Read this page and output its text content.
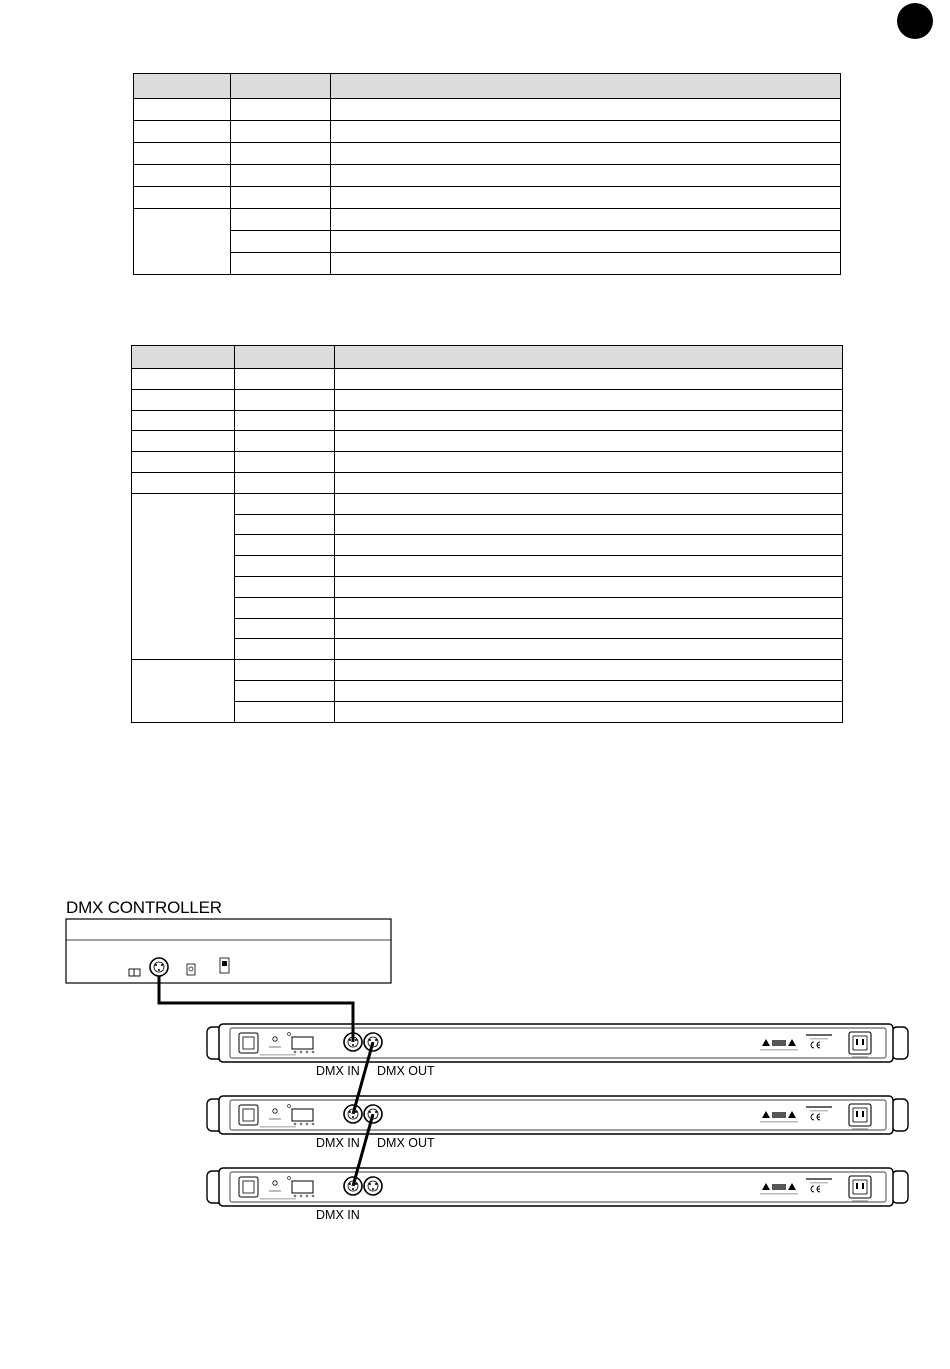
DMX CONTROLLER
DMX IN DMX OUT
DMX IN DMX OUT
DMX IN
